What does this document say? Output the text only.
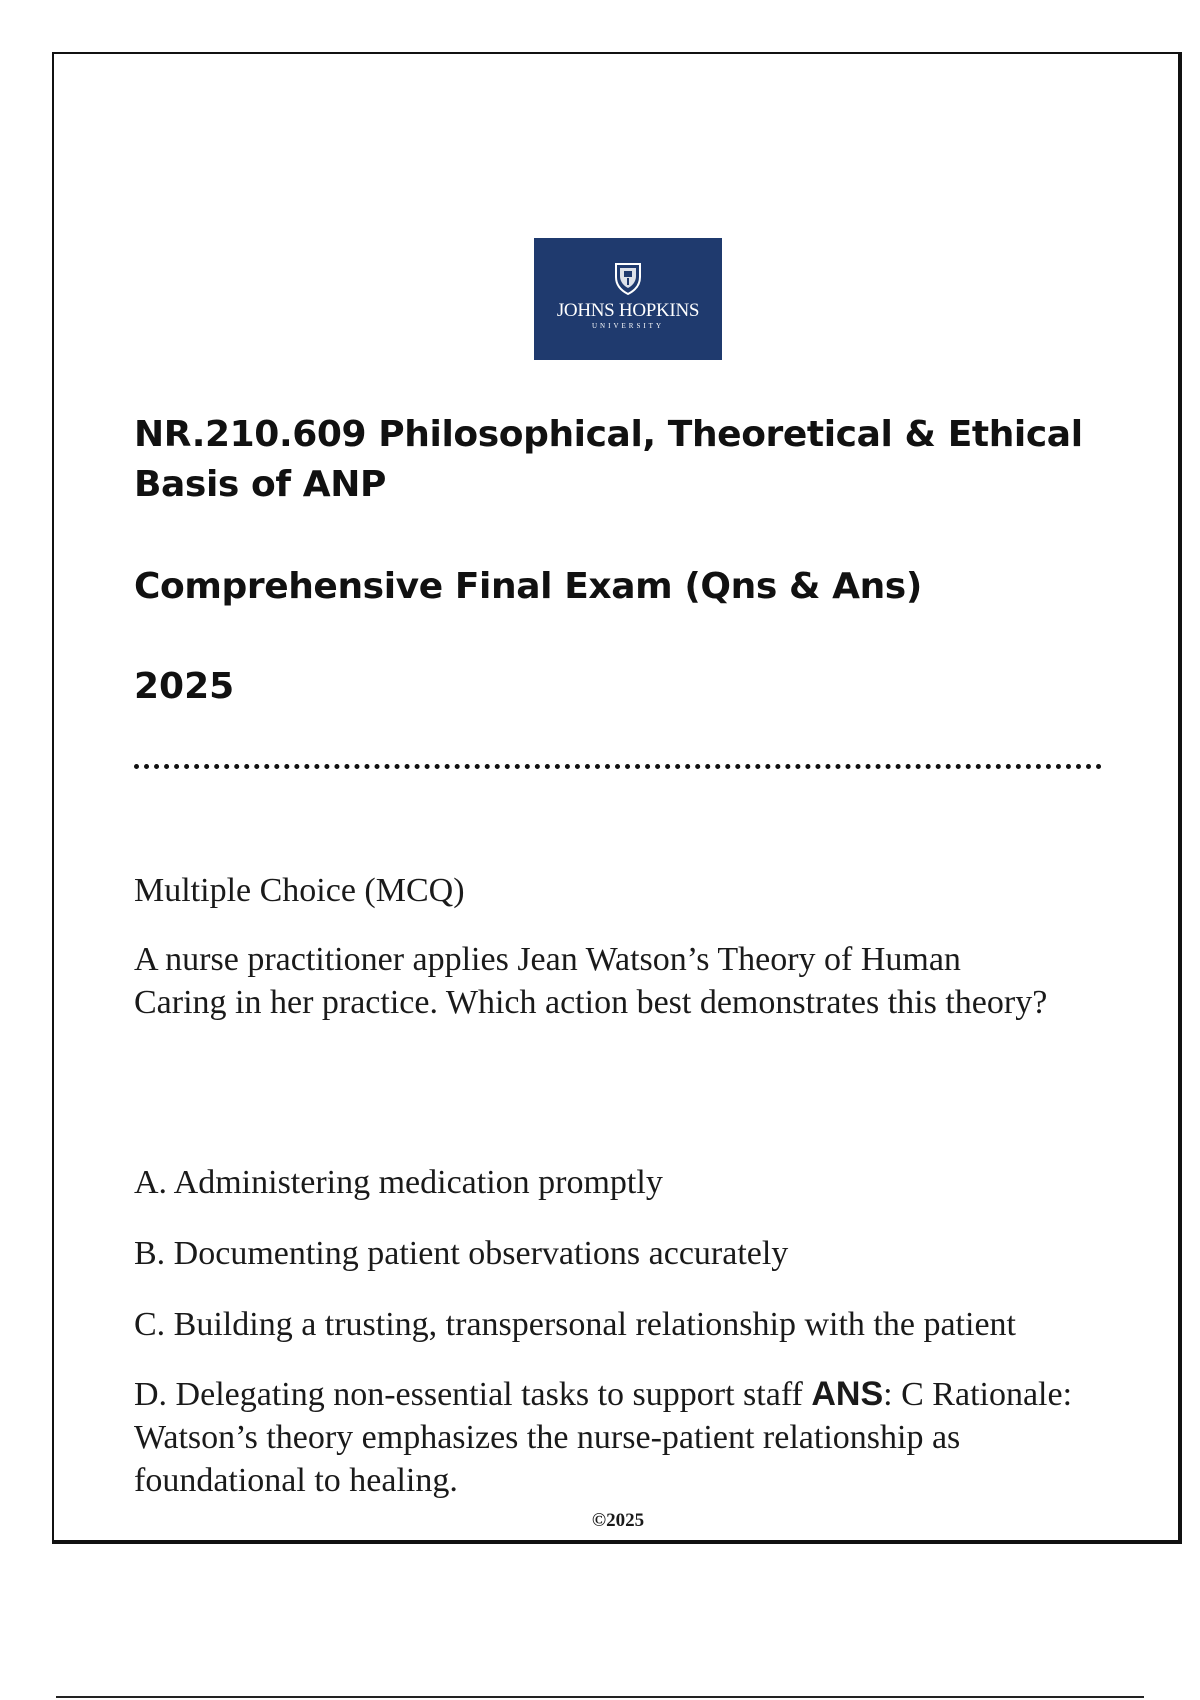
JOHNS HOPKINS
UNIVERSITY

NR.210.609 Philosophical, Theoretical & Ethical

Basis of ANP

Comprehensive Final Exam (Qns & Ans)
2025
Multiple Choice (MCQ)
A nurse practitioner applies Jean Watson’s Theory of Human Caring in her practice. Which action best demonstrates this theory?
A. Administering medication promptly
B. Documenting patient observations accurately
C. Building a trusting, transpersonal relationship with the patient
D. Delegating non-essential tasks to support staff ANS: C Rationale: Watson’s theory emphasizes the nurse-patient relationship as foundational to healing.
©2025
